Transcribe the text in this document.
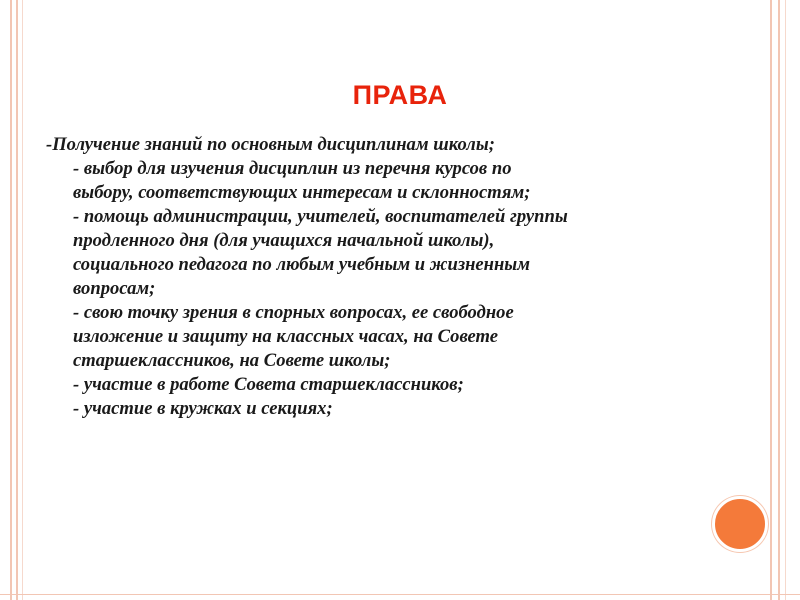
ПРАВА
-Получение знаний по основным дисциплинам школы;
- выбор для изучения дисциплин из перечня курсов по
выбору, соответствующих интересам и склонностям;
- помощь администрации, учителей, воспитателей группы
продленного дня (для учащихся начальной школы),
социального педагога по любым учебным и жизненным
вопросам;
- свою точку зрения в спорных вопросах, ее свободное
изложение и защиту на классных часах, на Совете
старшеклассников, на Совете школы;
- участие в работе Совета старшеклассников;
- участие в кружках и секциях;
